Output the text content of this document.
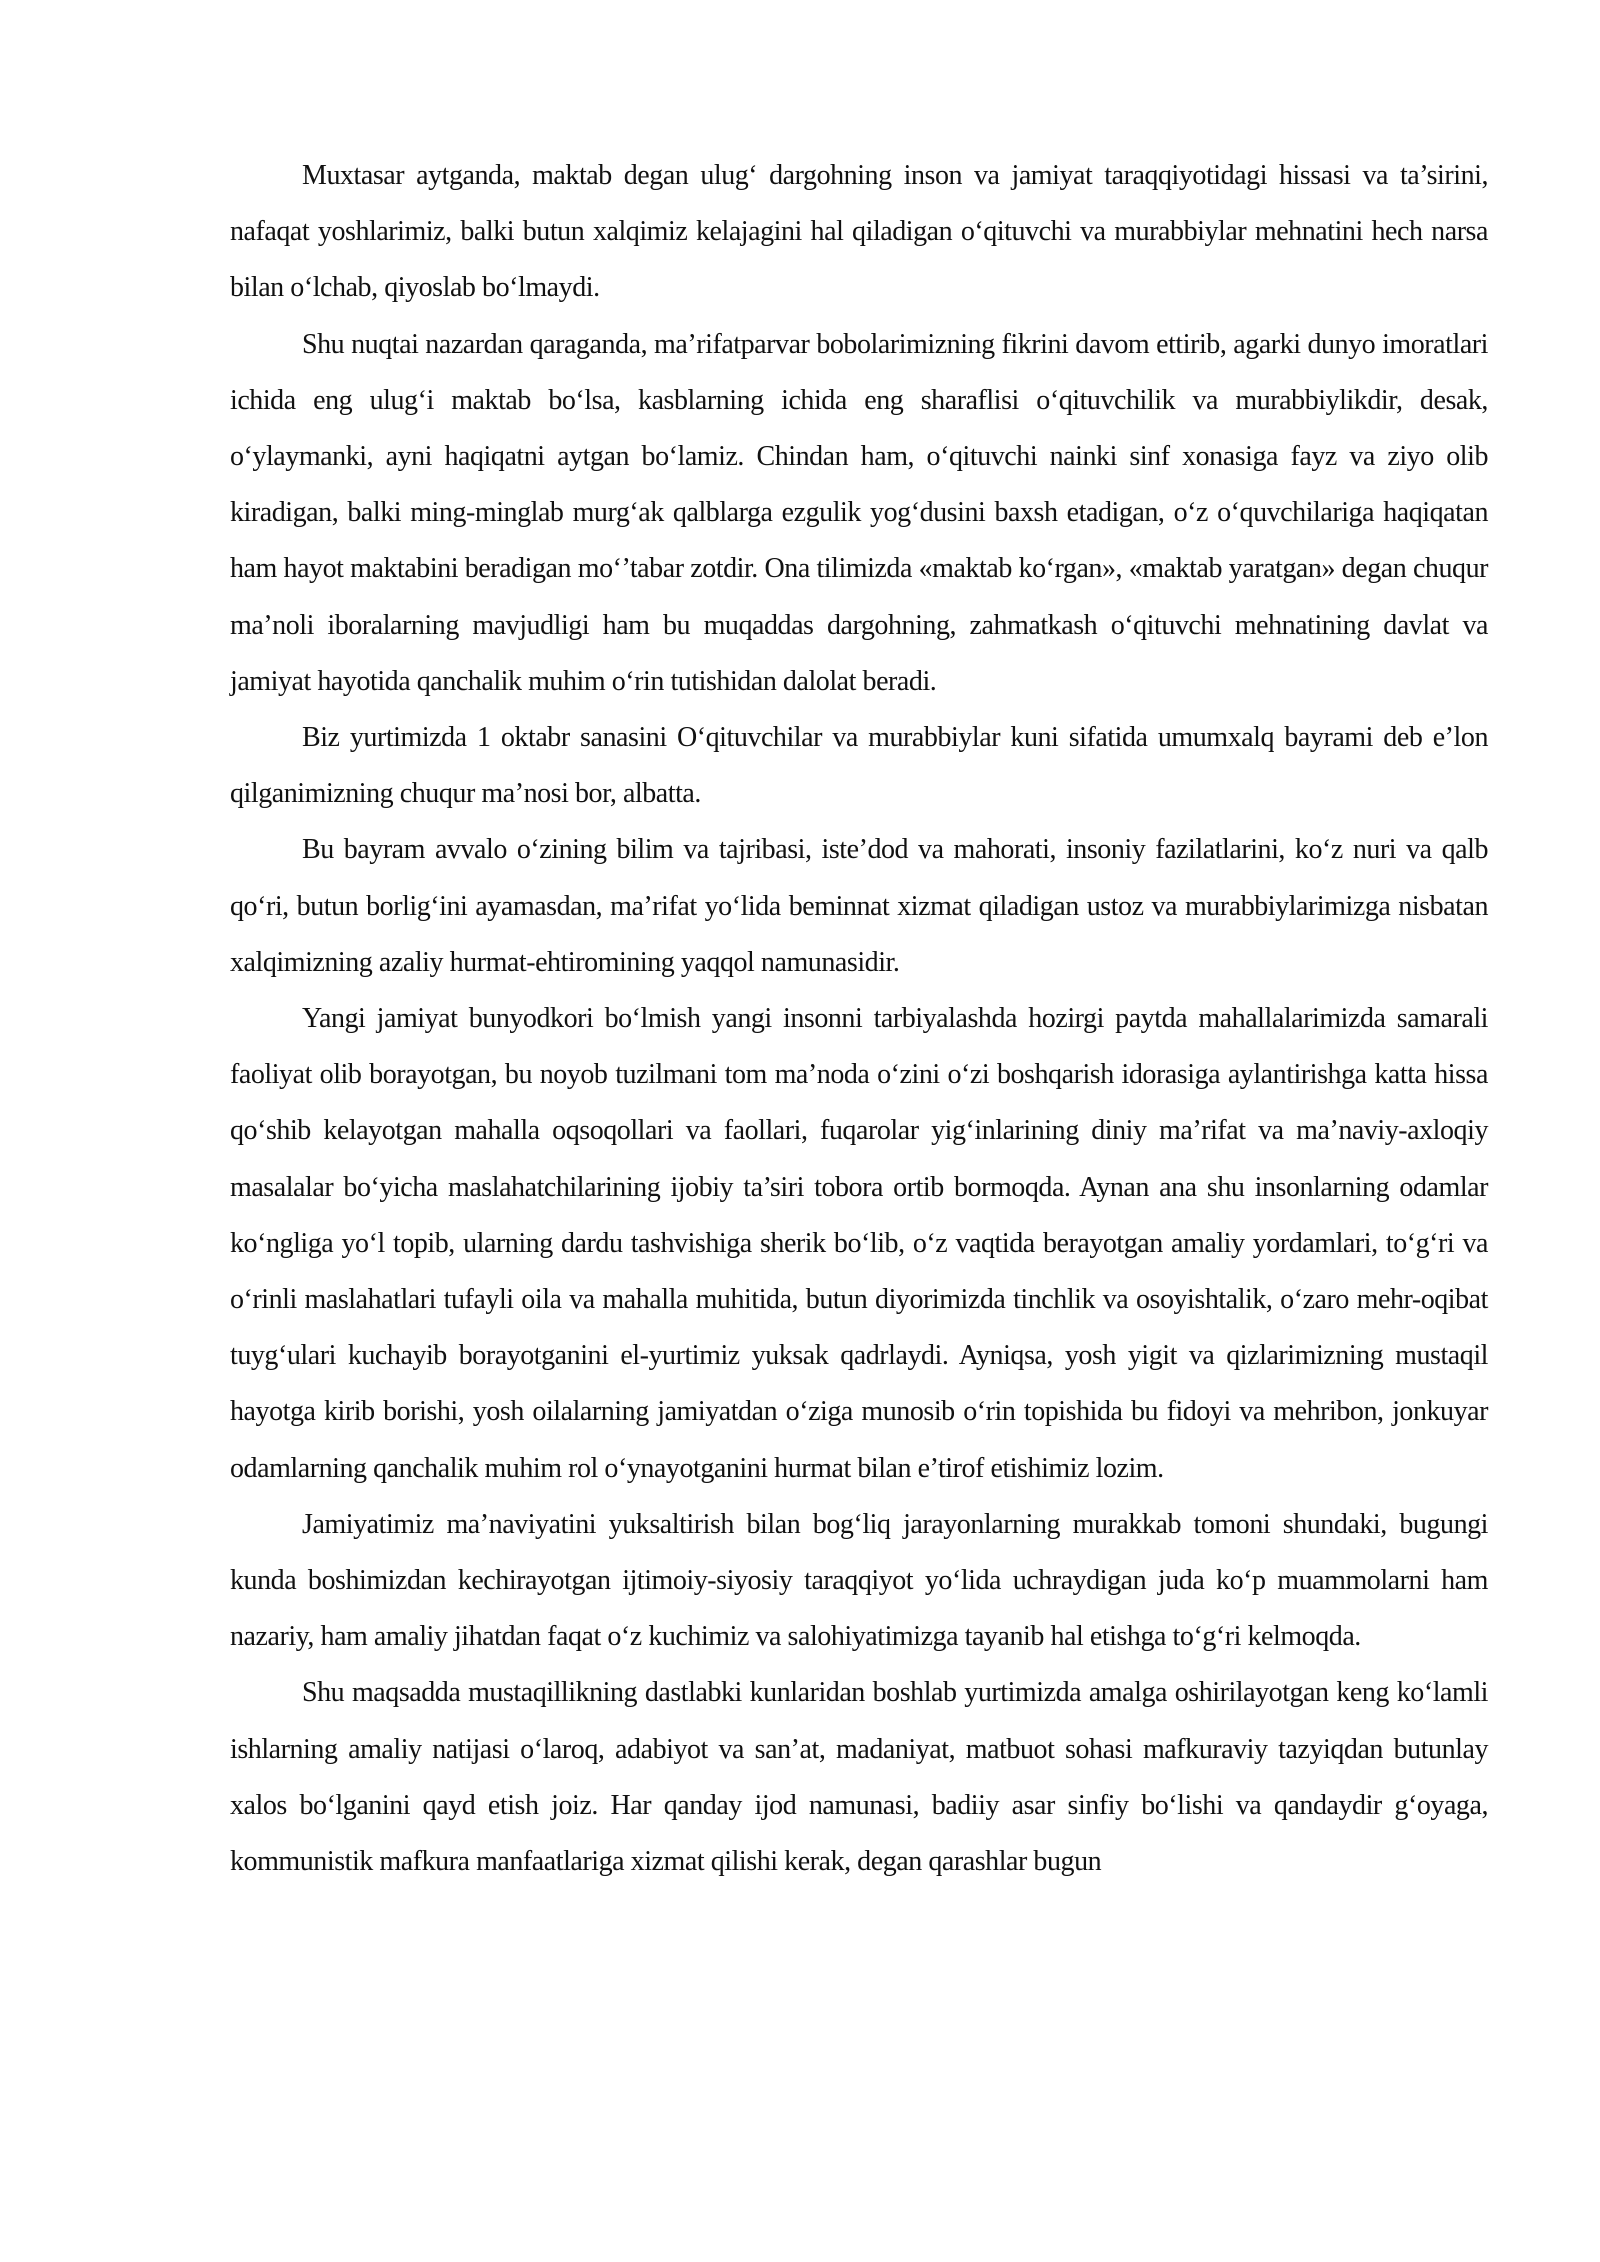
Muxtasar aytganda, maktab degan ulug‘ dargohning inson va jamiyat taraqqiyotidagi hissasi va ta’sirini, nafaqat yoshlarimiz, balki butun xalqimiz kelajagini hal qiladigan o‘qituvchi va murabbiylar mehnatini hech narsa bilan o‘lchab, qiyoslab bo‘lmaydi.

Shu nuqtai nazardan qaraganda, ma’rifatparvar bobolarimizning fikrini davom ettirib, agarki dunyo imoratlari ichida eng ulug‘i maktab bo‘lsa, kasblarning ichida eng sharaflisi o‘qituvchilik va murabbiylikdir, desak, o‘ylaymanki, ayni haqiqatni aytgan bo‘lamiz. Chindan ham, o‘qituvchi nainki sinf xonasiga fayz va ziyo olib kiradigan, balki ming-minglab murg‘ak qalblarga ezgulik yog‘dusini baxsh etadigan, o‘z o‘quvchilariga haqiqatan ham hayot maktabini beradigan mo‘’tabar zotdir. Ona tilimizda «maktab ko‘rgan», «maktab yaratgan» degan chuqur ma’noli iboralarning mavjudligi ham bu muqaddas dargohning, zahmatkash o‘qituvchi mehnatining davlat va jamiyat hayotida qanchalik muhim o‘rin tutishidan dalolat beradi.

Biz yurtimizda 1 oktabr sanasini O‘qituvchilar va murabbiylar kuni sifatida umumxalq bayrami deb e’lon qilganimizning chuqur ma’nosi bor, albatta.

Bu bayram avvalo o‘zining bilim va tajribasi, iste’dod va mahorati, insoniy fazilatlarini, ko‘z nuri va qalb qo‘ri, butun borlig‘ini ayamasdan, ma’rifat yo‘lida beminnat xizmat qiladigan ustoz va murabbiylarimizga nisbatan xalqimizning azaliy hurmat-ehtiromining yaqqol namunasidir.

Yangi jamiyat bunyodkori bo‘lmish yangi insonni tarbiyalashda hozirgi paytda mahallalarimizda samarali faoliyat olib borayotgan, bu noyob tuzilmani tom ma’noda o‘zini o‘zi boshqarish idorasiga aylantirishga katta hissa qo‘shib kelayotgan mahalla oqsoqollari va faollari, fuqarolar yig‘inlarining diniy ma’rifat va ma’naviy-axloqiy masalalar bo‘yicha maslahatchilarining ijobiy ta’siri tobora ortib bormoqda. Aynan ana shu insonlarning odamlar ko‘ngliga yo‘l topib, ularning dardu tashvishiga sherik bo‘lib, o‘z vaqtida berayotgan amaliy yordamlari, to‘g‘ri va o‘rinli maslahatlari tufayli oila va mahalla muhitida, butun diyorimizda tinchlik va osoyishtalik, o‘zaro mehr-oqibat tuyg‘ulari kuchayib borayotganini el-yurtimiz yuksak qadrlaydi. Ayniqsa, yosh yigit va qizlarimizning mustaqil hayotga kirib borishi, yosh oilalarning jamiyatdan o‘ziga munosib o‘rin topishida bu fidoyi va mehribon, jonkuyar odamlarning qanchalik muhim rol o‘ynayotganini hurmat bilan e’tirof etishimiz lozim.

Jamiyatimiz ma’naviyatini yuksaltirish bilan bog‘liq jarayonlarning murakkab tomoni shundaki, bugungi kunda boshimizdan kechirayotgan ijtimoiy-siyosiy taraqqiyot yo‘lida uchraydigan juda ko‘p muammolarni ham nazariy, ham amaliy jihatdan faqat o‘z kuchimiz va salohiyatimizga tayanib hal etishga to‘g‘ri kelmoqda.

Shu maqsadda mustaqillikning dastlabki kunlaridan boshlab yurtimizda amalga oshirilayotgan keng ko‘lamli ishlarning amaliy natijasi o‘laroq, adabiyot va san’at, madaniyat, matbuot sohasi mafkuraviy tazyiqdan butunlay xalos bo‘lganini qayd etish joiz. Har qanday ijod namunasi, badiiy asar sinfiy bo‘lishi va qandaydir g‘oyaga, kommunistik mafkura manfaatlariga xizmat qilishi kerak, degan qarashlar bugun
